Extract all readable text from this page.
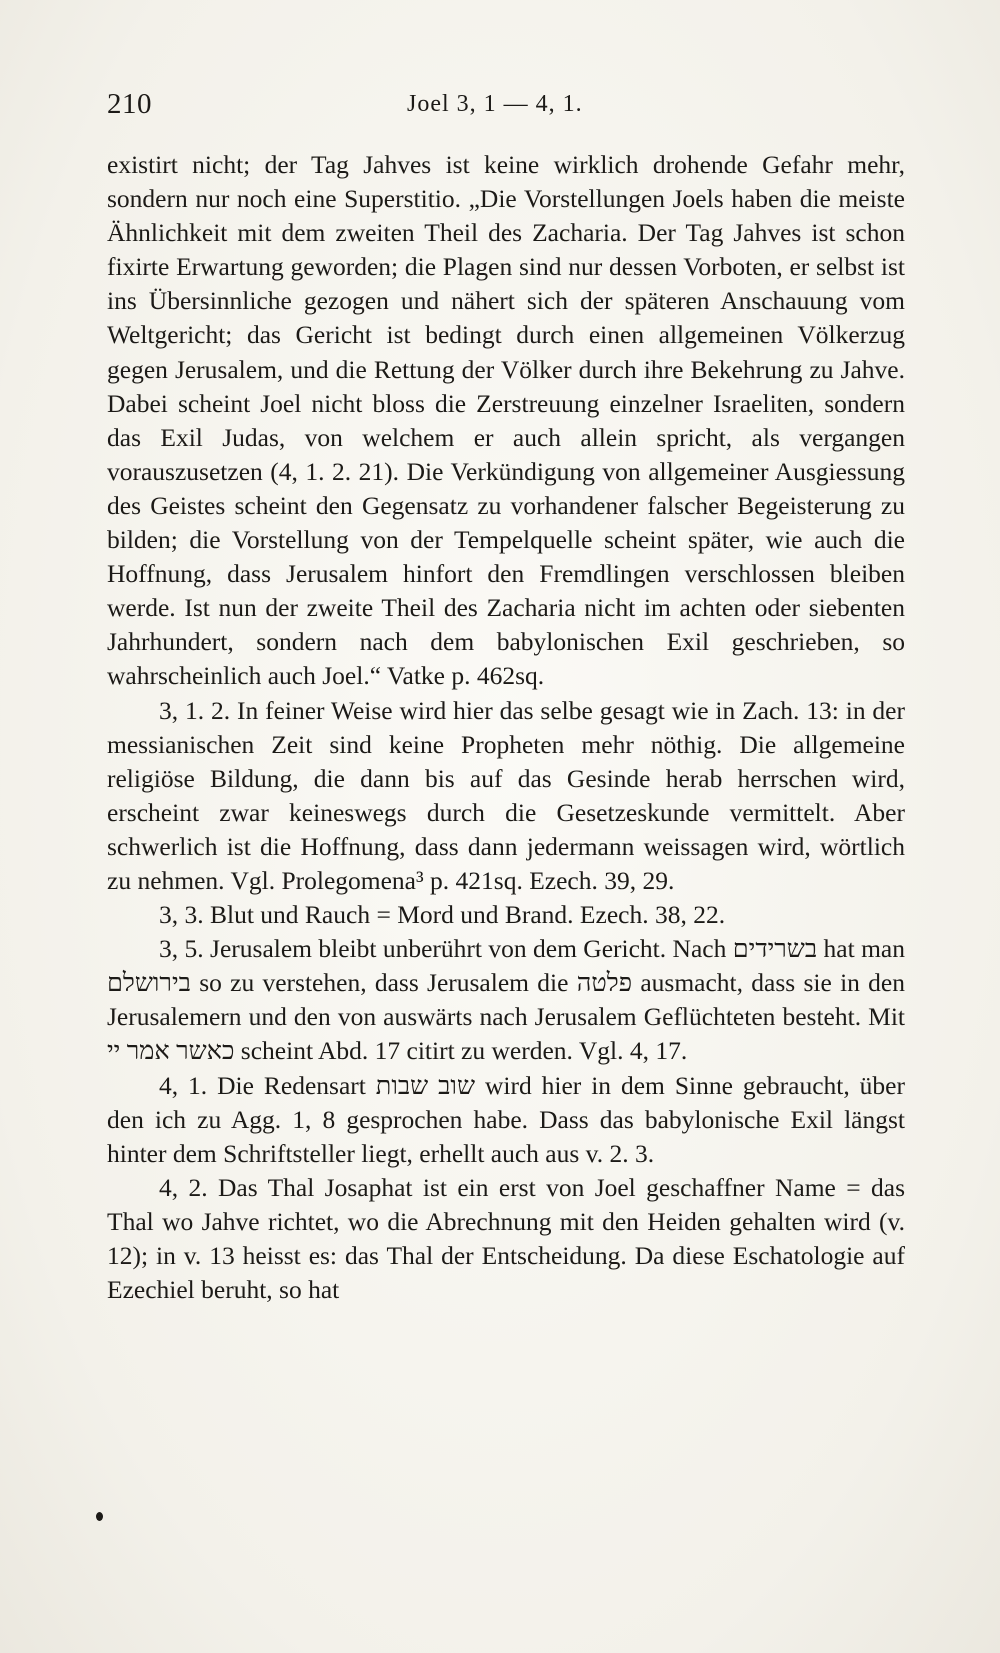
210	Joel 3, 1 — 4, 1.

existirt nicht; der Tag Jahves ist keine wirklich drohende Gefahr mehr, sondern nur noch eine Superstitio. „Die Vorstellungen Joels haben die meiste Ähnlichkeit mit dem zweiten Theil des Zacharia. Der Tag Jahves ist schon fixirte Erwartung geworden; die Plagen sind nur dessen Vorboten, er selbst ist ins Übersinnliche gezogen und nähert sich der späteren Anschauung vom Weltgericht; das Gericht ist bedingt durch einen allgemeinen Völkerzug gegen Jerusalem, und die Rettung der Völker durch ihre Bekehrung zu Jahve. Dabei scheint Joel nicht bloss die Zerstreuung einzelner Israeliten, sondern das Exil Judas, von welchem er auch allein spricht, als vergangen vorauszusetzen (4, 1. 2. 21). Die Verkündigung von allgemeiner Ausgiessung des Geistes scheint den Gegensatz zu vorhandener falscher Begeisterung zu bilden; die Vorstellung von der Tempelquelle scheint später, wie auch die Hoffnung, dass Jerusalem hinfort den Fremdlingen verschlossen bleiben werde. Ist nun der zweite Theil des Zacharia nicht im achten oder siebenten Jahrhundert, sondern nach dem babylonischen Exil geschrieben, so wahrscheinlich auch Joel.“ Vatke p. 462sq.

3, 1. 2. In feiner Weise wird hier das selbe gesagt wie in Zach. 13: in der messianischen Zeit sind keine Propheten mehr nöthig. Die allgemeine religiöse Bildung, die dann bis auf das Gesinde herab herrschen wird, erscheint zwar keineswegs durch die Gesetzeskunde vermittelt. Aber schwerlich ist die Hoffnung, dass dann jedermann weissagen wird, wörtlich zu nehmen. Vgl. Prolegomena³ p. 421sq. Ezech. 39, 29.

3, 3. Blut und Rauch = Mord und Brand. Ezech. 38, 22.

3, 5. Jerusalem bleibt unberührt von dem Gericht. Nach בשרידים hat man בירושלם so zu verstehen, dass Jerusalem die פלטה ausmacht, dass sie in den Jerusalemern und den von auswärts nach Jerusalem Geflüchteten besteht. Mit כאשר אמר יי scheint Abd. 17 citirt zu werden. Vgl. 4, 17.

4, 1. Die Redensart שוב שבות wird hier in dem Sinne gebraucht, über den ich zu Agg. 1, 8 gesprochen habe. Dass das babylonische Exil längst hinter dem Schriftsteller liegt, erhellt auch aus v. 2. 3.

4, 2. Das Thal Josaphat ist ein erst von Joel geschaffner Name = das Thal wo Jahve richtet, wo die Abrechnung mit den Heiden gehalten wird (v. 12); in v. 13 heisst es: das Thal der Entscheidung. Da diese Eschatologie auf Ezechiel beruht, so hat
